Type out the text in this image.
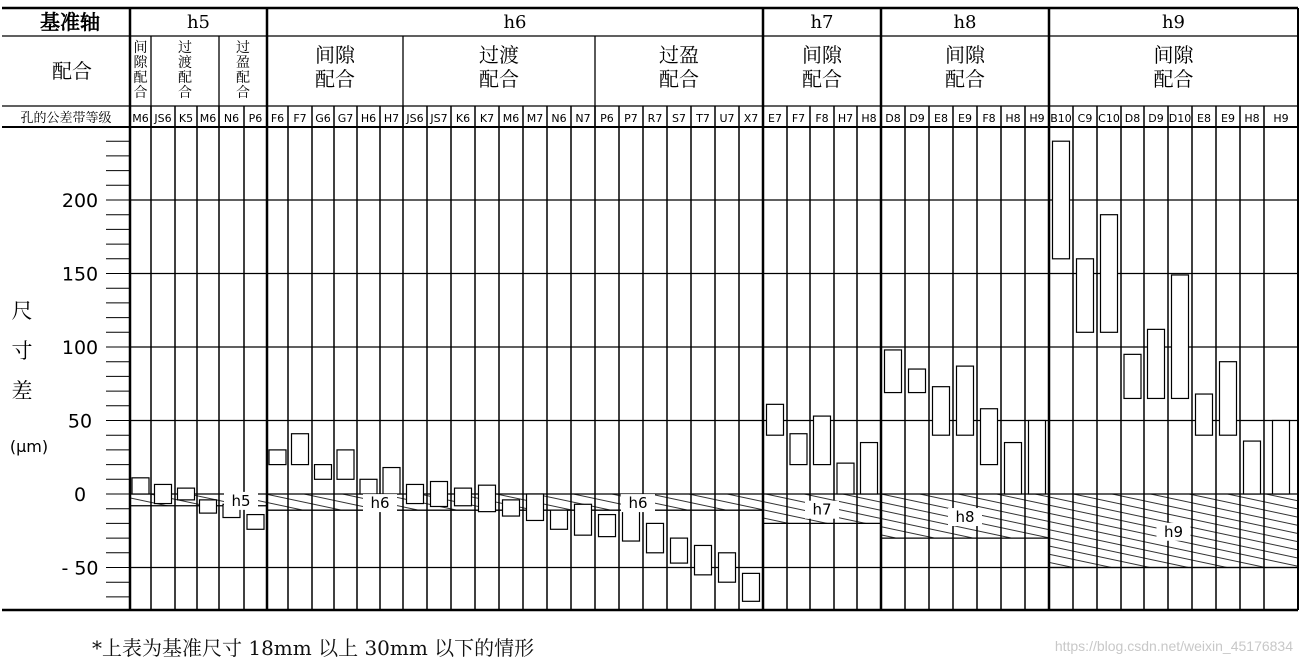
基准轴
配合
孔的公差带等级
200
150
100
50
0
- 50
尺
寸
差
(μm)
h5
间
隙
配
合
M6
过
渡
配
合
JS6 K5 M6
过
盈
配
合
N6 P6
h5
h6
间隙
配合
F6 F7 G6 G7 H6 H7
过渡
配合
JS6 JS7 K6 K7 M6 M7 N6 N7
过盈
配合
P6 P7 R7 S7 T7 U7 X7
h6	h6
h7
间隙
配合
E7 F7 F8 H7 H8
h7
h8
间隙
配合
D8 D9 E8 E9 F8 H8 H9
h8
h9
间隙
配合
B10 C9 C10 D8 D9 D10 E8 E9 H8 H9
h9
*上表为基准尺寸 18mm 以上 30mm 以下的情形	https://blog.csdn.net/weixin_45176834
